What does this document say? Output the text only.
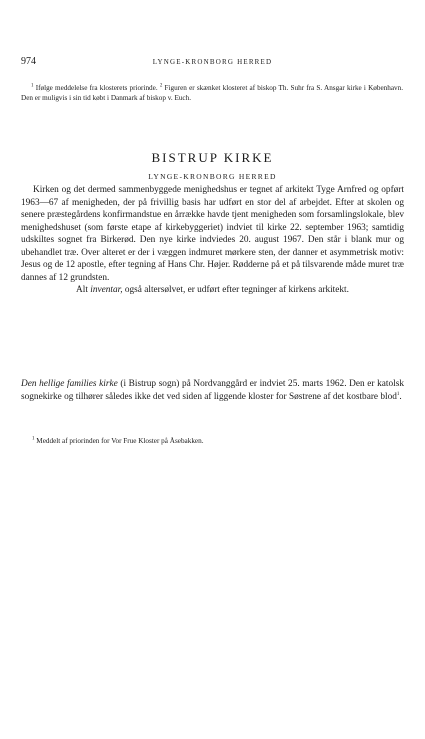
974	LYNGE-KRONBORG HERRED
$^1$ Ifølge meddelelse fra klosterets priorinde. $^2$ Figuren er skænket klosteret af biskop Th. Suhr fra S. Ansgar kirke i København. Den er muligvis i sin tid købt i Danmark af biskop v. Euch.
BISTRUP KIRKE
LYNGE-KRONBORG HERRED

Kirken og det dermed sammenbyggede menighedshus er tegnet af arkitekt Tyge Arnfred og opført 1963—67 af menigheden, der på frivillig basis har udført en stor del af arbejdet. Efter at skolen og senere præstegårdens konfirmandstue en årrække havde tjent menigheden som forsamlingslokale, blev menighedshuset (som første etape af kirkebyggeriet) indviet til kirke 22. september 1963; samtidig udskiltes sognet fra Birkerød. Den nye kirke indviedes 20. august 1967. Den står i blank mur og ubehandlet træ. Over alteret er der i væggen indmuret mørkere sten, der danner et asymmetrisk motiv: Jesus og de 12 apostle, efter tegning af Hans Chr. Højer. Rødderne på et på tilsvarende måde muret træ dannes af 12 grundsten.

Alt inventar, også altersølvet, er udført efter tegninger af kirkens arkitekt.

Den hellige families kirke (i Bistrup sogn) på Nordvanggård er indviet 25. marts 1962. Den er katolsk sognekirke og tilhører således ikke det ved siden af liggende kloster for Søstrene af det kostbare blod$^1$.
$^1$ Meddelt af priorinden for Vor Frue Kloster på Åsebakken.
